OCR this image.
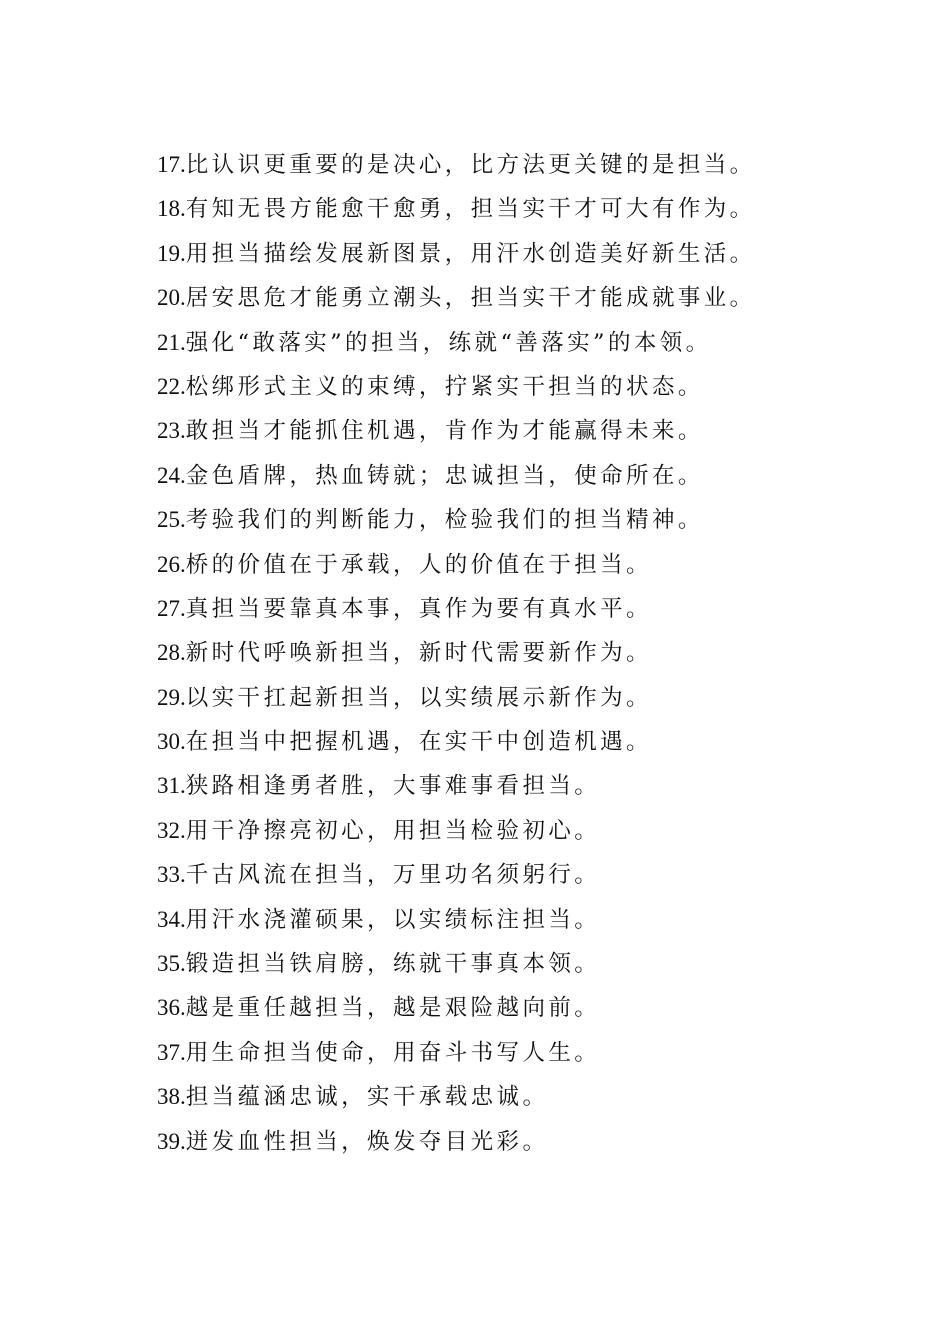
17.比认识更重要的是决心，比方法更关键的是担当。
18.有知无畏方能愈干愈勇，担当实干才可大有作为。
19.用担当描绘发展新图景，用汗水创造美好新生活。
20.居安思危才能勇立潮头，担当实干才能成就事业。
21.强化“敢落实”的担当，练就“善落实”的本领。
22.松绑形式主义的束缚，拧紧实干担当的状态。
23.敢担当才能抓住机遇，肯作为才能赢得未来。
24.金色盾牌，热血铸就；忠诚担当，使命所在。
25.考验我们的判断能力，检验我们的担当精神。
26.桥的价值在于承载，人的价值在于担当。
27.真担当要靠真本事，真作为要有真水平。
28.新时代呼唤新担当，新时代需要新作为。
29.以实干扛起新担当，以实绩展示新作为。
30.在担当中把握机遇，在实干中创造机遇。
31.狭路相逢勇者胜，大事难事看担当。
32.用干净擦亮初心，用担当检验初心。
33.千古风流在担当，万里功名须躬行。
34.用汗水浇灌硕果，以实绩标注担当。
35.锻造担当铁肩膀，练就干事真本领。
36.越是重任越担当，越是艰险越向前。
37.用生命担当使命，用奋斗书写人生。
38.担当蕴涵忠诚，实干承载忠诚。
39.迸发血性担当，焕发夺目光彩。
